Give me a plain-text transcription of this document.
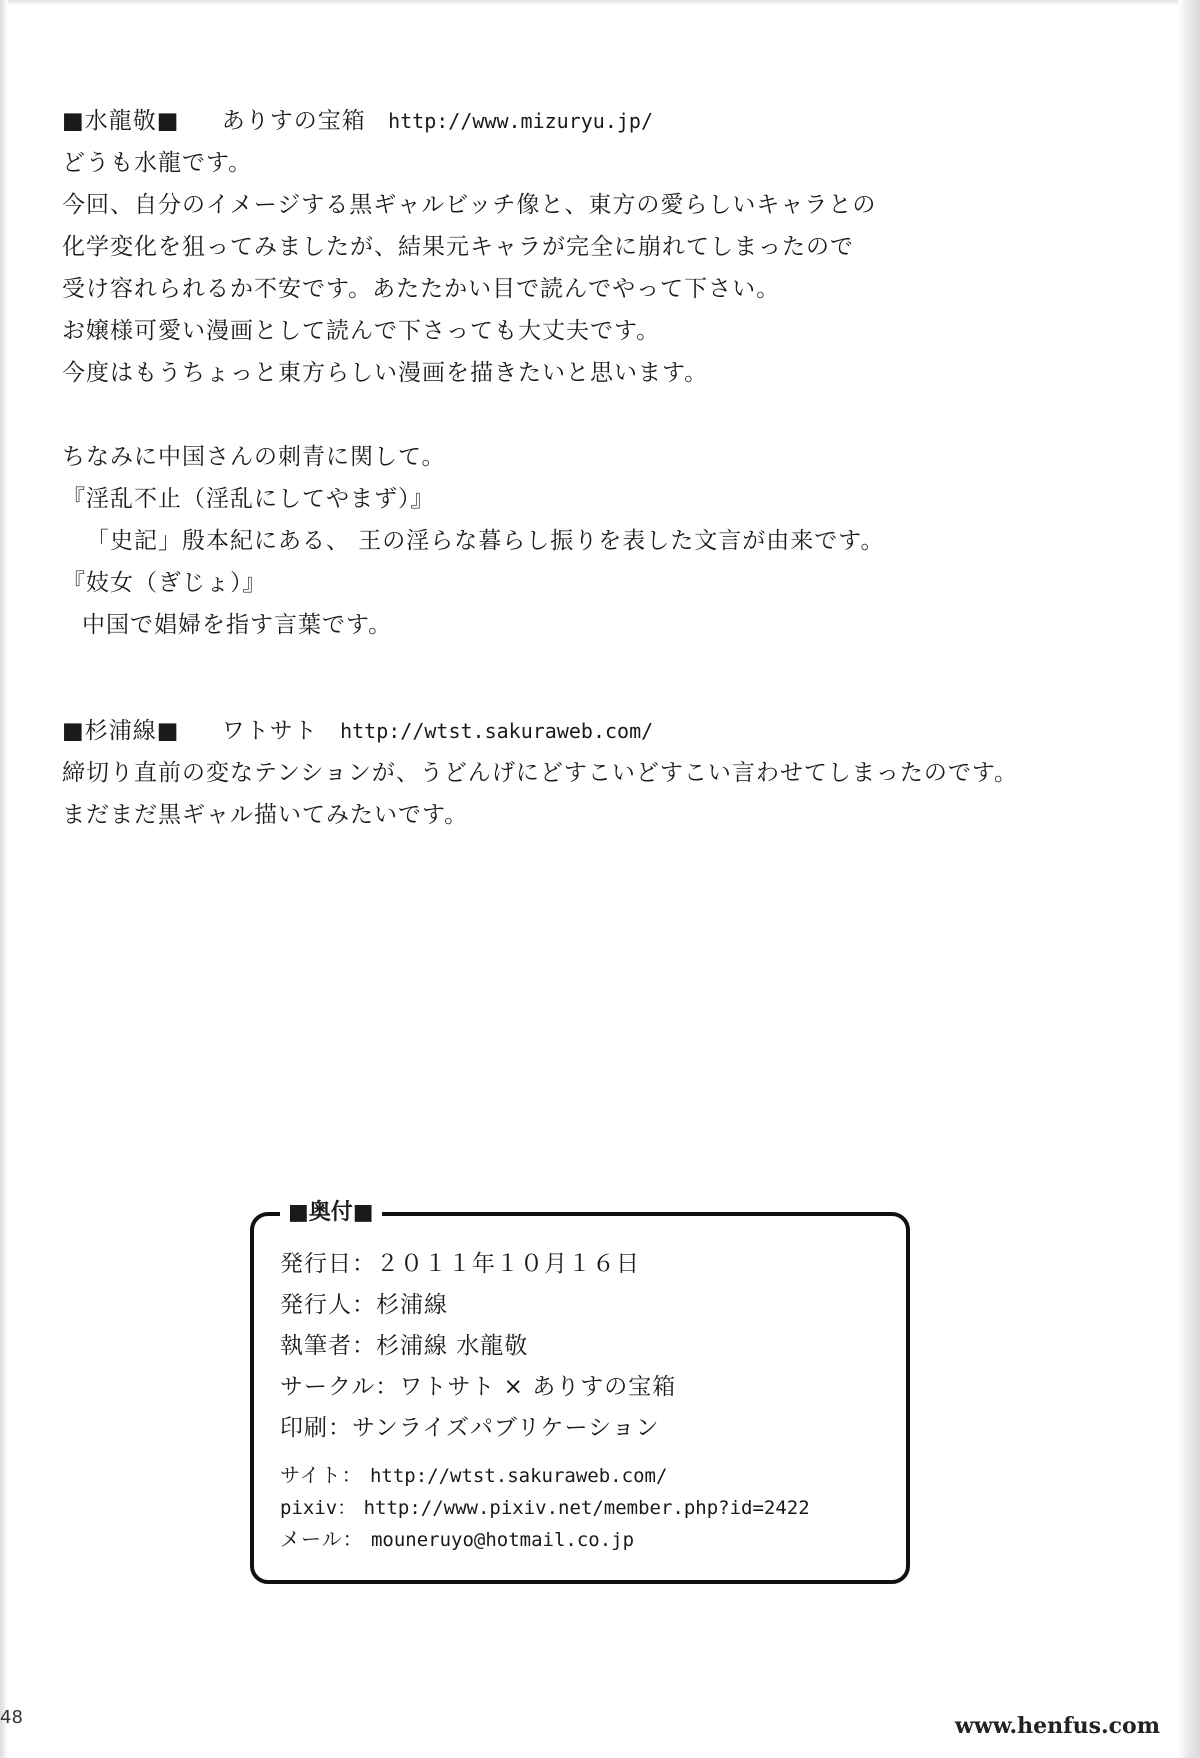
■水龍敬■ ありすの宝箱 http://www.mizuryu.jp/
どうも水龍です。
今回、自分のイメージする黒ギャルビッチ像と、東方の愛らしいキャラとの
化学変化を狙ってみましたが、結果元キャラが完全に崩れてしまったので
受け容れられるか不安です。あたたかい目で読んでやって下さい。
お嬢様可愛い漫画として読んで下さっても大丈夫です。
今度はもうちょっと東方らしい漫画を描きたいと思います。
ちなみに中国さんの刺青に関して。
『淫乱不止（淫乱にしてやまず）』
「史記」殷本紀にある、 王の淫らな暮らし振りを表した文言が由来です。
『妓女（ぎじょ）』
中国で娼婦を指す言葉です。
■杉浦線■ ワトサト http://wtst.sakuraweb.com/
締切り直前の変なテンションが、うどんげにどすこいどすこい言わせてしまったのです。
まだまだ黒ギャル描いてみたいです。
■奥付■
発行日：２０１１年１０月１６日
発行人：杉浦線
執筆者：杉浦線 水龍敬
サークル：ワトサト × ありすの宝箱
印刷：サンライズパブリケーション
サイト： http://wtst.sakuraweb.com/
pixiv： http://www.pixiv.net/member.php?id=2422
メール： mouneruyo@hotmail.co.jp
48	www.henfus.com
